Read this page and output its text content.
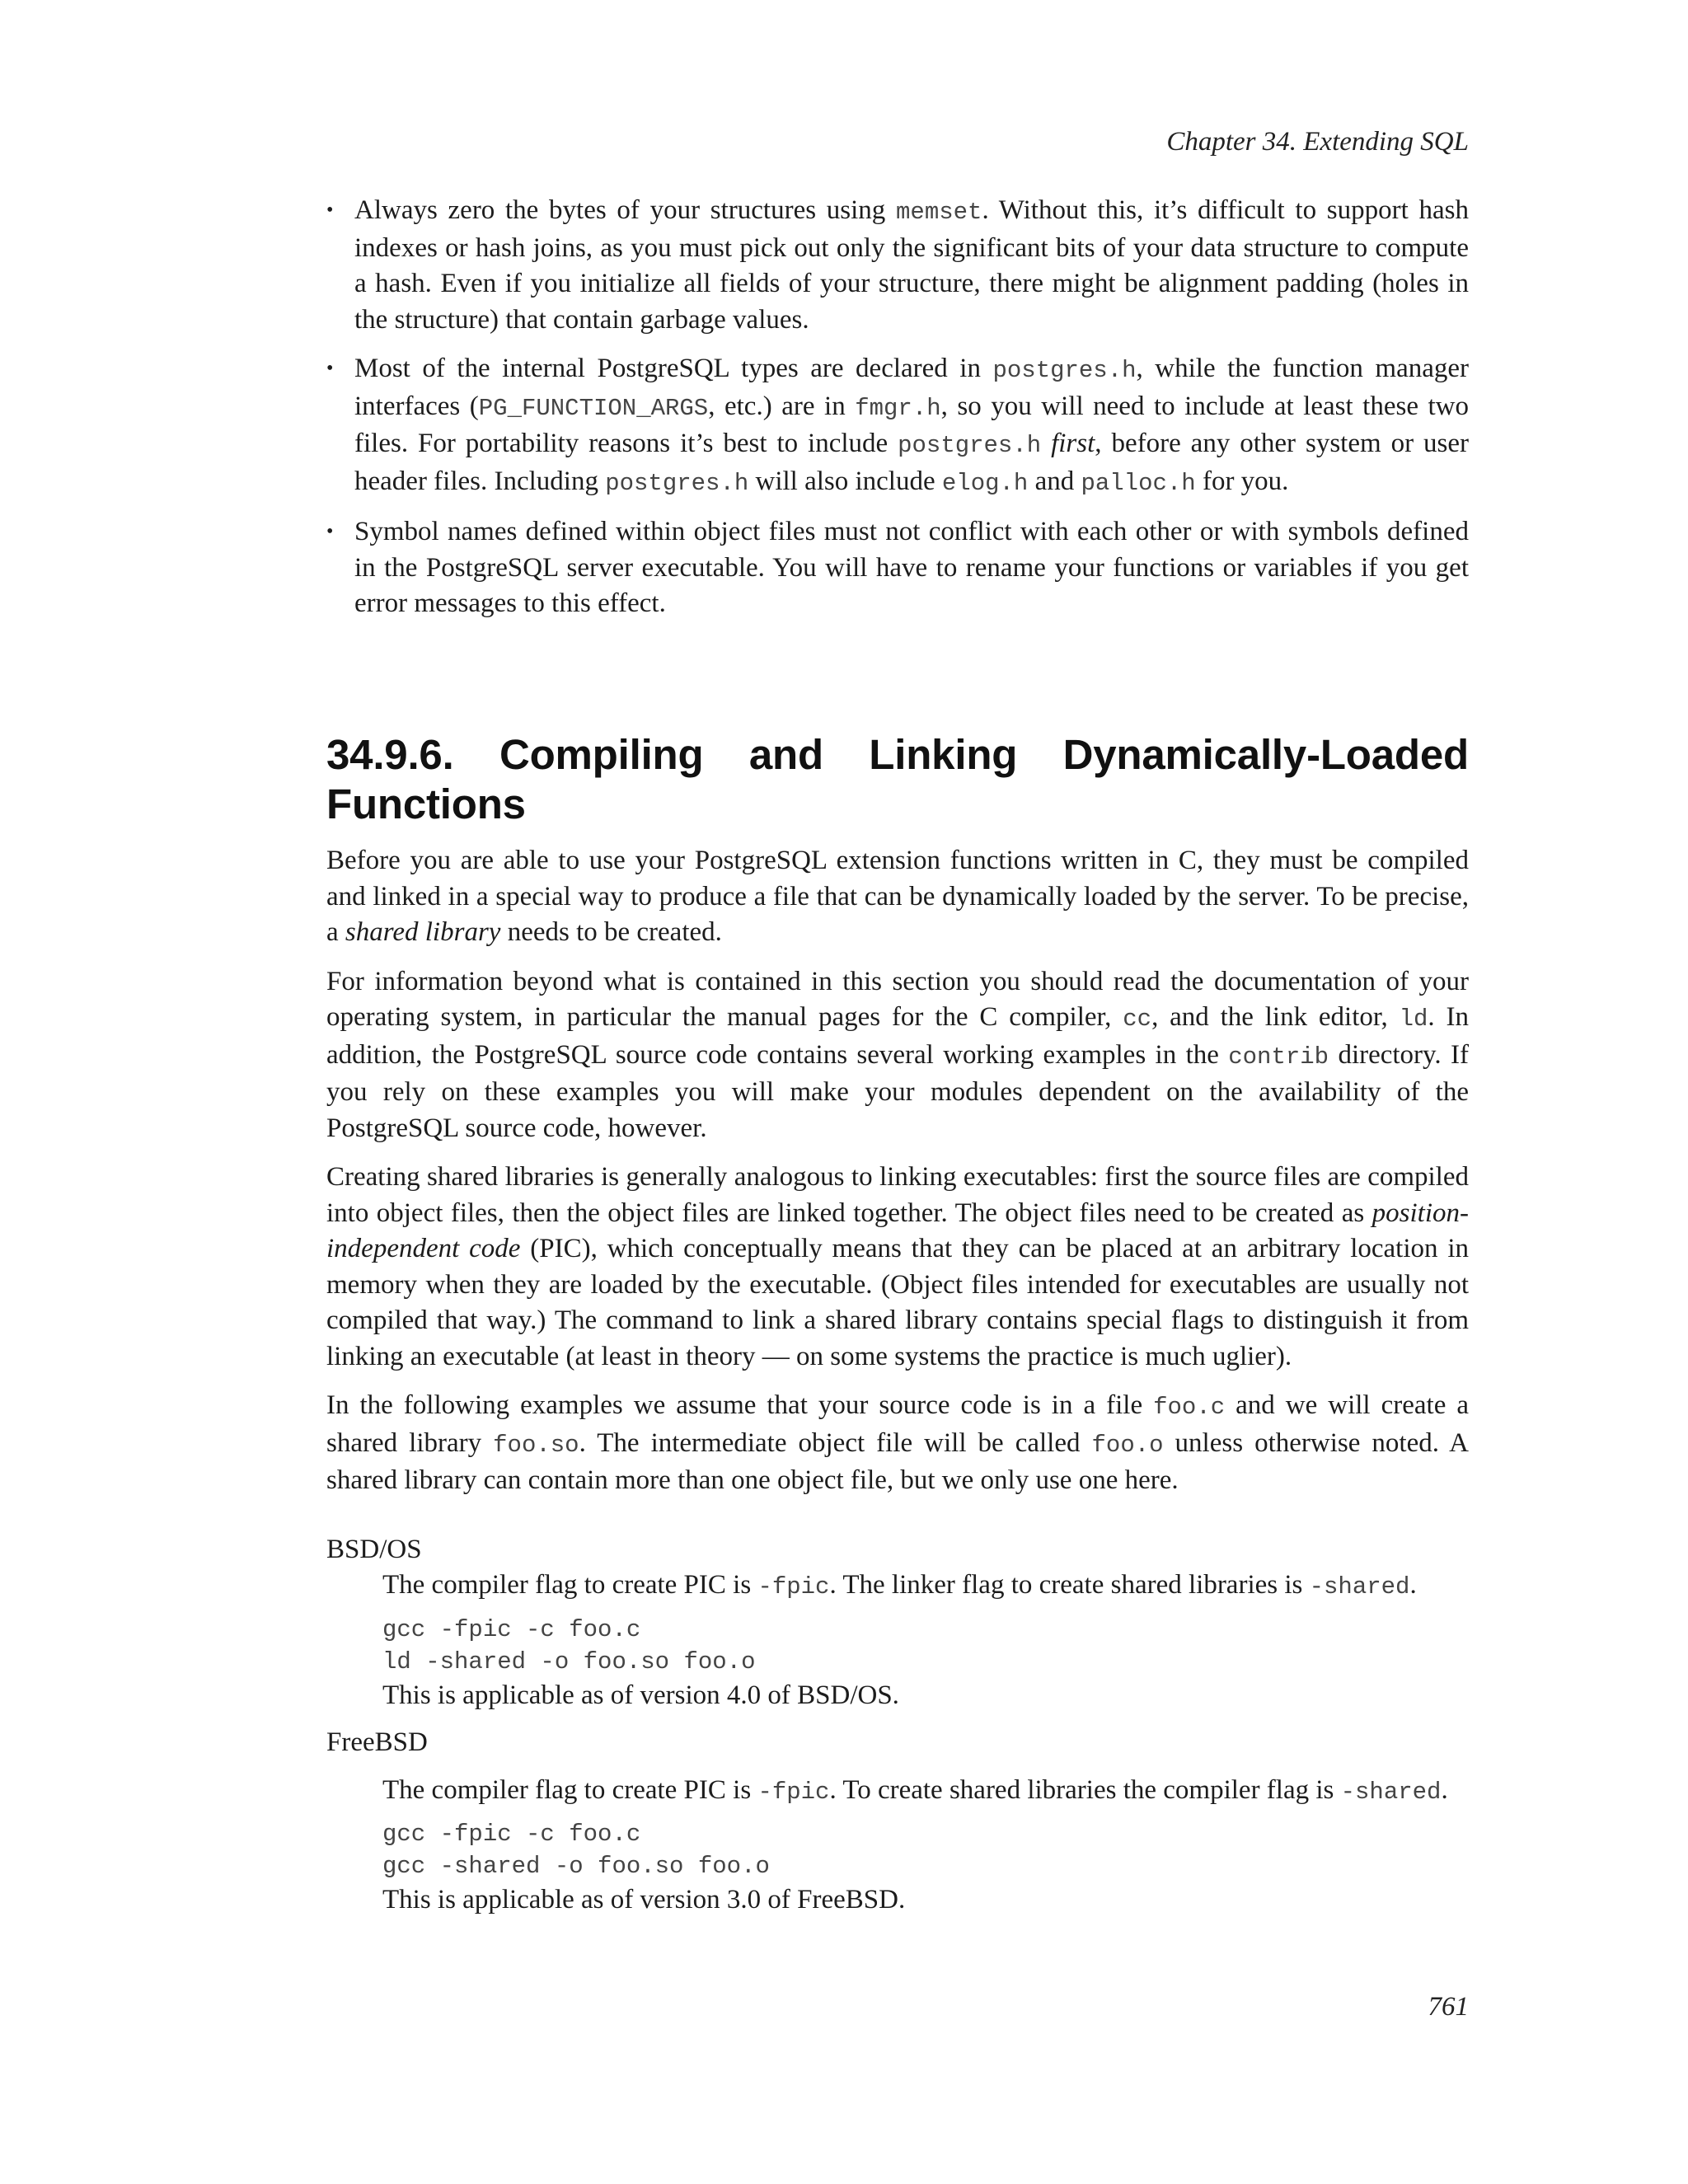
Chapter 34. Extending SQL
• Always zero the bytes of your structures using memset. Without this, it’s difficult to support hash indexes or hash joins, as you must pick out only the significant bits of your data structure to compute a hash. Even if you initialize all fields of your structure, there might be alignment padding (holes in the structure) that contain garbage values.
• Most of the internal PostgreSQL types are declared in postgres.h, while the function manager interfaces (PG_FUNCTION_ARGS, etc.) are in fmgr.h, so you will need to include at least these two files. For portability reasons it’s best to include postgres.h first, before any other system or user header files. Including postgres.h will also include elog.h and palloc.h for you.
• Symbol names defined within object files must not conflict with each other or with symbols defined in the PostgreSQL server executable. You will have to rename your functions or variables if you get error messages to this effect.
34.9.6. Compiling and Linking Dynamically-Loaded Functions

Before you are able to use your PostgreSQL extension functions written in C, they must be compiled and linked in a special way to produce a file that can be dynamically loaded by the server. To be precise, a shared library needs to be created.

For information beyond what is contained in this section you should read the documentation of your operating system, in particular the manual pages for the C compiler, cc, and the link editor, ld. In addition, the PostgreSQL source code contains several working examples in the contrib directory. If you rely on these examples you will make your modules dependent on the availability of the PostgreSQL source code, however.

Creating shared libraries is generally analogous to linking executables: first the source files are compiled into object files, then the object files are linked together. The object files need to be created as position-independent code (PIC), which conceptually means that they can be placed at an arbitrary location in memory when they are loaded by the executable. (Object files intended for executables are usually not compiled that way.) The command to link a shared library contains special flags to distinguish it from linking an executable (at least in theory — on some systems the practice is much uglier).

In the following examples we assume that your source code is in a file foo.c and we will create a shared library foo.so. The intermediate object file will be called foo.o unless otherwise noted. A shared library can contain more than one object file, but we only use one here.

BSD/OS

The compiler flag to create PIC is -fpic. The linker flag to create shared libraries is -shared.

gcc -fpic -c foo.c
ld -shared -o foo.so foo.o
This is applicable as of version 4.0 of BSD/OS.
FreeBSD

The compiler flag to create PIC is -fpic. To create shared libraries the compiler flag is -shared.

gcc -fpic -c foo.c
gcc -shared -o foo.so foo.o
This is applicable as of version 3.0 of FreeBSD.
761
